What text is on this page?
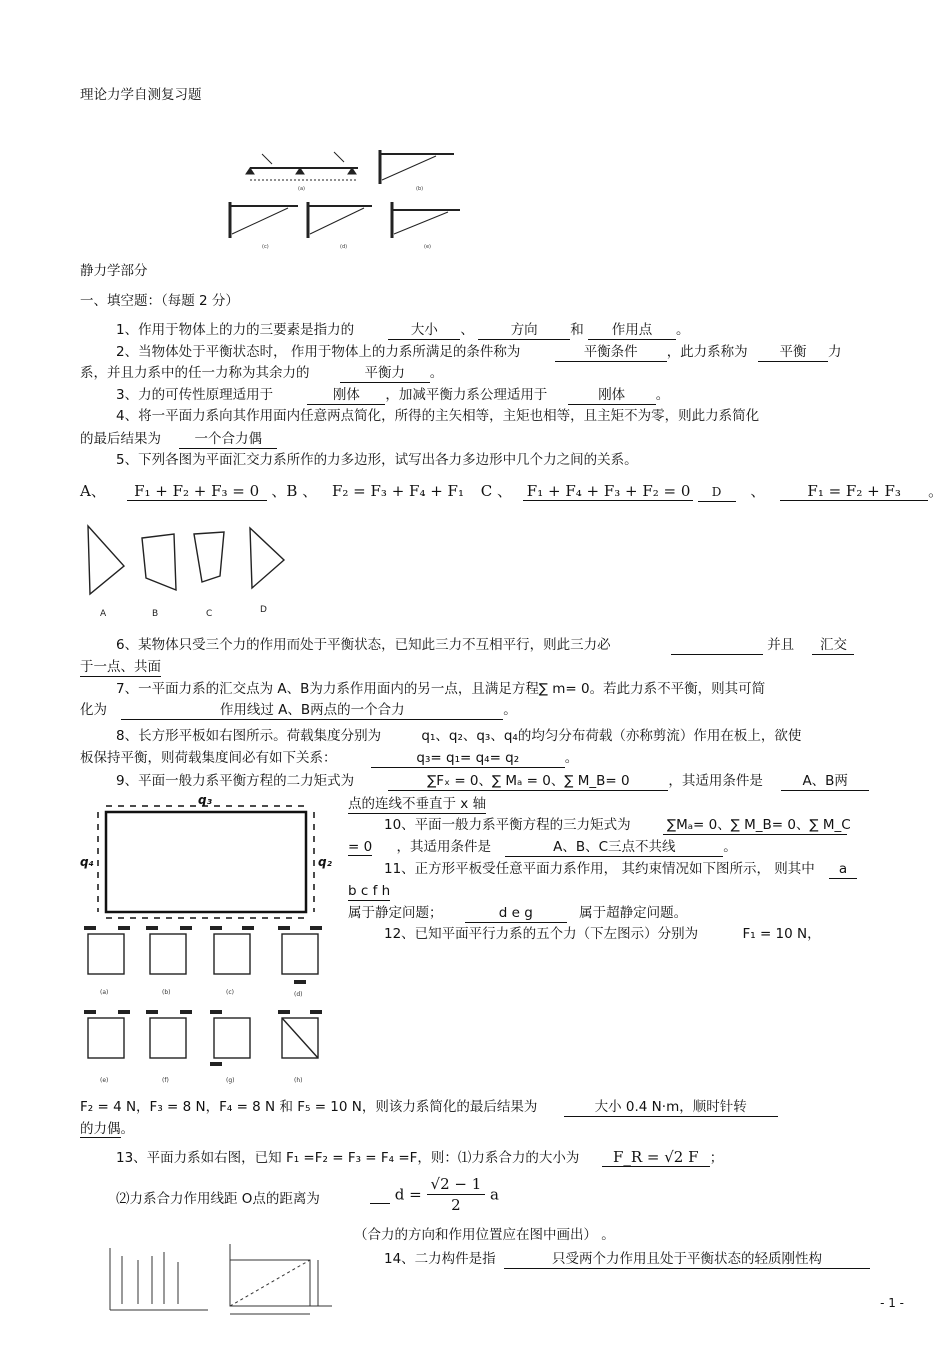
理论力学自测复习题
(a)	(b)
(c)	(d)	(e)
静力学部分
一、填空题：（每题 2 分）
1、作用于物体上的力的三要素是指力的	大小 、	方向 和 作用点 。
2、当物体处于平衡状态时， 作用于物体上的力系所满足的条件称为	平衡条件 ，此力系称为 平衡 力
系，并且力系中的任一力称为其余力的	平衡力 。
3、力的可传性原理适用于	刚体 ，加减平衡力系公理适用于	刚体 。
4、将一平面力系向其作用面内任意两点简化，所得的主矢相等，主矩也相等，且主矩不为零，则此力系简化
的最后结果为 一个合力偶
5、下列各图为平面汇交力系所作的力多边形，试写出各力多边形中几个力之间的关系。
A、 F₁ + F₂ + F₃ = 0 、B 、 F₂ = F₃ + F₄ + F₁ C 、 F₁ + F₄ + F₃ + F₂ = 0 D 、	F₁ = F₂ + F₃ 。
A	B	C	D
6、某物体只受三个力的作用而处于平衡状态，已知此三力不互相平行，则此三力必	并且 汇交
于一点、共面
7、一平面力系的汇交点为 A、B为力系作用面内的另一点，且满足方程∑ m= 0。若此力系不平衡，则其可简
化为	作用线过 A、B两点的一个合力	。
8、长方形平板如右图所示。荷载集度分别为	q₁、q₂、q₃、q₄的均匀分布荷载（亦称剪流）作用在板上，欲使
板保持平衡，则荷载集度间必有如下关系：	q₃= q₁= q₄= q₂	。
9、平面一般力系平衡方程的二力矩式为	∑Fₓ = 0、∑ Mₐ = 0、∑ M_B= 0	，其适用条件是	A、B两
点的连线不垂直于 x 轴
q₃
q₄	q₂
10、平面一般力系平衡方程的三力矩式为	∑Mₐ= 0、∑ M_B= 0、∑ M_C
= 0 ，其适用条件是	A、B、C三点不共线	。
11、正方形平板受任意平面力系作用， 其约束情况如下图所示， 则其中 a
b c f h
属于静定问题；	d e g	属于超静定问题。
(a)	(b)	(c)	(d)
(e)	(f)	(g)	(h)
12、已知平面平行力系的五个力（下左图示）分别为	F₁ = 10 N，
F₂ = 4 N，F₃ = 8 N，F₄ = 8 N 和 F₅ = 10 N，则该力系简化的最后结果为	大小 0.4 N·m，顺时针转
的力偶。
13、平面力系如右图，已知 F₁ =F₂ = F₃ = F₄ =F，则：⑴力系合力的大小为 F_R = √2 F ；
⑵力系合力作用线距 O点的距离为	$d = \frac{√2 - 1}{2}$ a
（合力的方向和作用位置应在图中画出） 。
14、二力构件是指	只受两个力作用且处于平衡状态的轻质刚性构
- 1 -
